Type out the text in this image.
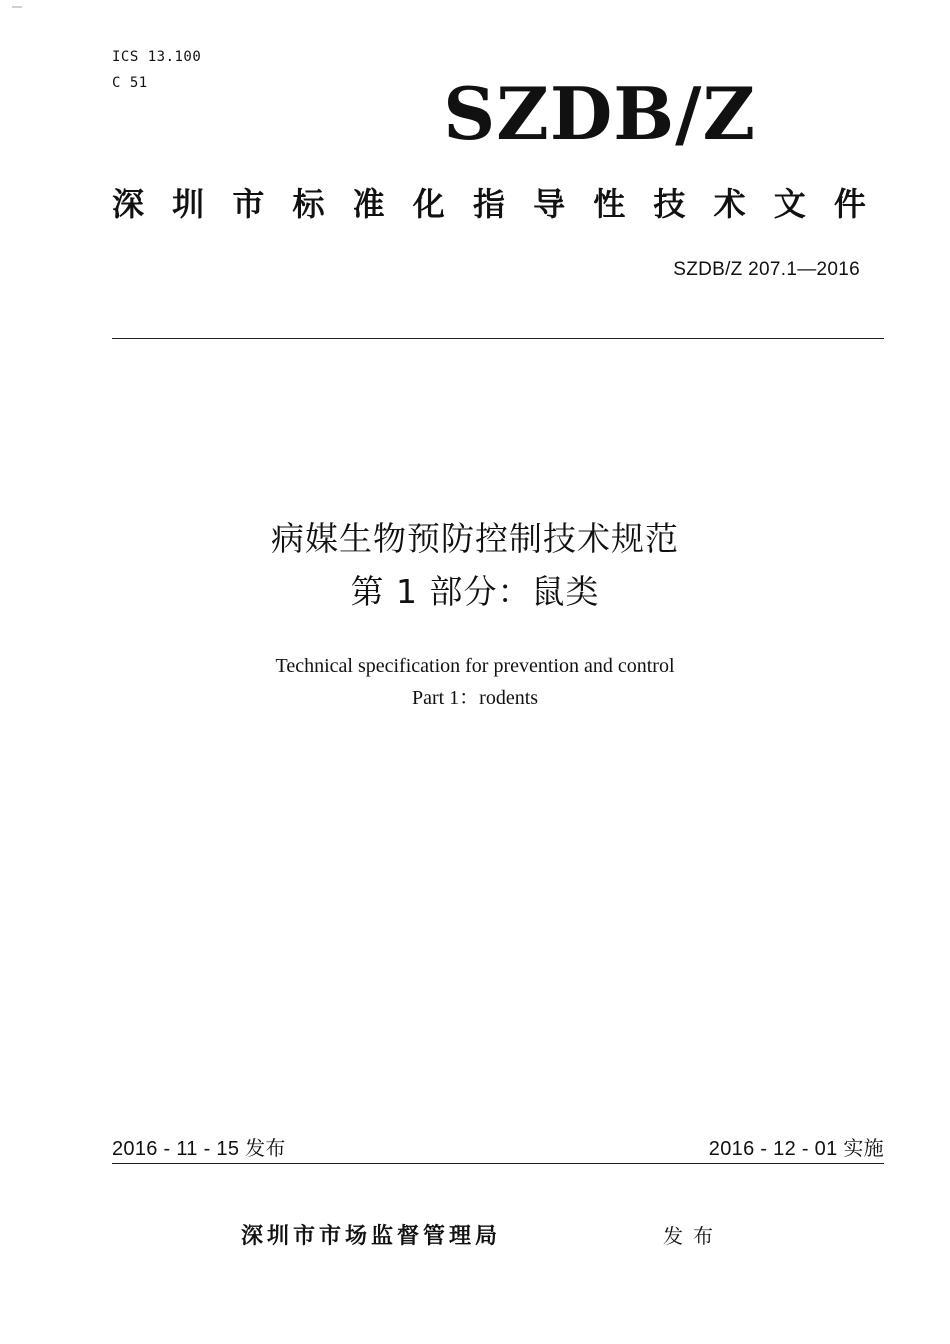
ICS 13.100
C 51	SZDB/Z
深 圳 市 标 准 化 指 导 性 技 术 文 件
SZDB/Z 207.1—2016
病媒生物预防控制技术规范
第 1 部分：鼠类
Technical specification for prevention and control
Part 1：rodents
2016 - 11 - 15 发布	2016 - 12 - 01 实施
深圳市市场监督管理局	发布
